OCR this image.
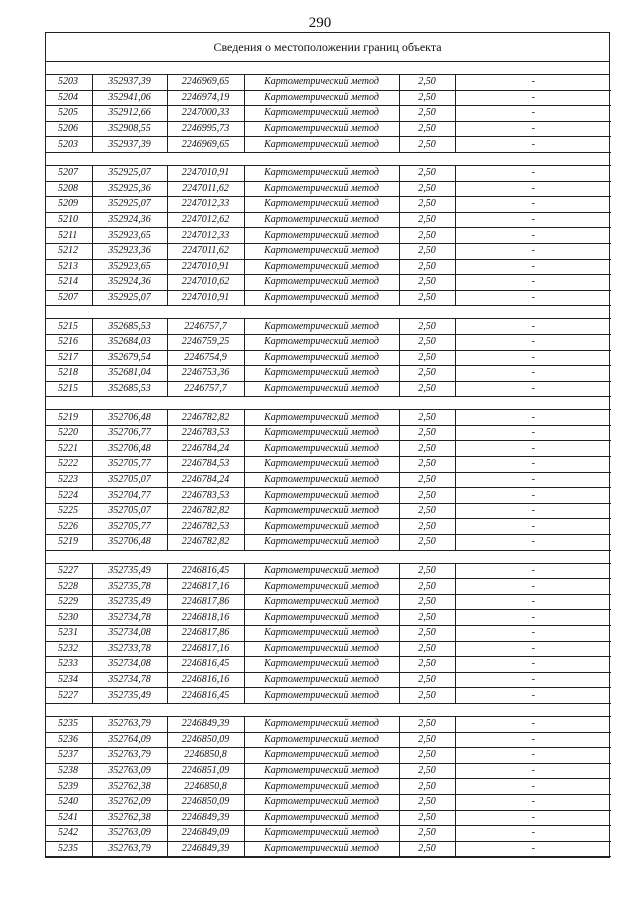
290
Сведения о местоположении границ объекта
5203	352937,39	2246969,65	Картометрический метод	2,50	-
5204	352941,06	2246974,19	Картометрический метод	2,50	-
5205	352912,66	2247000,33	Картометрический метод	2,50	-
5206	352908,55	2246995,73	Картометрический метод	2,50	-
5203	352937,39	2246969,65	Картометрический метод	2,50	-

5207	352925,07	2247010,91	Картометрический метод	2,50	-
5208	352925,36	2247011,62	Картометрический метод	2,50	-
5209	352925,07	2247012,33	Картометрический метод	2,50	-
5210	352924,36	2247012,62	Картометрический метод	2,50	-
5211	352923,65	2247012,33	Картометрический метод	2,50	-
5212	352923,36	2247011,62	Картометрический метод	2,50	-
5213	352923,65	2247010,91	Картометрический метод	2,50	-
5214	352924,36	2247010,62	Картометрический метод	2,50	-
5207	352925,07	2247010,91	Картометрический метод	2,50	-

5215	352685,53	2246757,7	Картометрический метод	2,50	-
5216	352684,03	2246759,25	Картометрический метод	2,50	-
5217	352679,54	2246754,9	Картометрический метод	2,50	-
5218	352681,04	2246753,36	Картометрический метод	2,50	-
5215	352685,53	2246757,7	Картометрический метод	2,50	-

5219	352706,48	2246782,82	Картометрический метод	2,50	-
5220	352706,77	2246783,53	Картометрический метод	2,50	-
5221	352706,48	2246784,24	Картометрический метод	2,50	-
5222	352705,77	2246784,53	Картометрический метод	2,50	-
5223	352705,07	2246784,24	Картометрический метод	2,50	-
5224	352704,77	2246783,53	Картометрический метод	2,50	-
5225	352705,07	2246782,82	Картометрический метод	2,50	-
5226	352705,77	2246782,53	Картометрический метод	2,50	-
5219	352706,48	2246782,82	Картометрический метод	2,50	-

5227	352735,49	2246816,45	Картометрический метод	2,50	-
5228	352735,78	2246817,16	Картометрический метод	2,50	-
5229	352735,49	2246817,86	Картометрический метод	2,50	-
5230	352734,78	2246818,16	Картометрический метод	2,50	-
5231	352734,08	2246817,86	Картометрический метод	2,50	-
5232	352733,78	2246817,16	Картометрический метод	2,50	-
5233	352734,08	2246816,45	Картометрический метод	2,50	-
5234	352734,78	2246816,16	Картометрический метод	2,50	-
5227	352735,49	2246816,45	Картометрический метод	2,50	-

5235	352763,79	2246849,39	Картометрический метод	2,50	-
5236	352764,09	2246850,09	Картометрический метод	2,50	-
5237	352763,79	2246850,8	Картометрический метод	2,50	-
5238	352763,09	2246851,09	Картометрический метод	2,50	-
5239	352762,38	2246850,8	Картометрический метод	2,50	-
5240	352762,09	2246850,09	Картометрический метод	2,50	-
5241	352762,38	2246849,39	Картометрический метод	2,50	-
5242	352763,09	2246849,09	Картометрический метод	2,50	-
5235	352763,79	2246849,39	Картометрический метод	2,50	-
